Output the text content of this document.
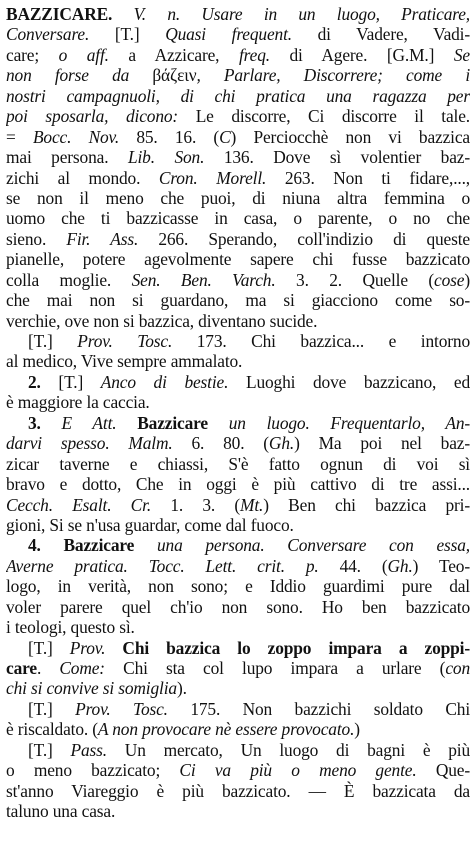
BAZZICARE. V. n. Usare in un luogo, Praticare,
Conversare. [T.] Quasi frequent. di Vadere, Vadi-
care; o aff. a Azzicare, freq. di Agere. [G.M.] Se
non forse da βάζειν, Parlare, Discorrere; come i
nostri campagnuoli, di chi pratica una ragazza per
poi sposarla, dicono: Le discorre, Ci discorre il tale.
= Bocc. Nov. 85. 16. (C) Perciocchè non vi bazzica
mai persona. Lib. Son. 136. Dove sì volentier baz-
zichi al mondo. Cron. Morell. 263. Non ti fidare,...,
se non il meno che puoi, di niuna altra femmina o
uomo che ti bazzicasse in casa, o parente, o no che
sieno. Fir. Ass. 266. Sperando, coll'indizio di queste
pianelle, potere agevolmente sapere chi fusse bazzicato
colla moglie. Sen. Ben. Varch. 3. 2. Quelle (cose)
che mai non si guardano, ma si giacciono come so-
verchie, ove non si bazzica, diventano sucide.
[T.] Prov. Tosc. 173. Chi bazzica... e intorno
al medico, Vive sempre ammalato.
2. [T.] Anco di bestie. Luoghi dove bazzicano, ed
è maggiore la caccia.
3. E Att. Bazzicare un luogo. Frequentarlo, An-
darvi spesso. Malm. 6. 80. (Gh.) Ma poi nel baz-
zicar taverne e chiassi, S'è fatto ognun di voi sì
bravo e dotto, Che in oggi è più cattivo di tre assi...
Cecch. Esalt. Cr. 1. 3. (Mt.) Ben chi bazzica pri-
gioni, Si se n'usa guardar, come dal fuoco.
4. Bazzicare una persona. Conversare con essa,
Averne pratica. Tocc. Lett. crit. p. 44. (Gh.) Teo-
logo, in verità, non sono; e Iddio guardimi pure dal
voler parere quel ch'io non sono. Ho ben bazzicato
i teologi, questo sì.
[T.] Prov. Chi bazzica lo zoppo impara a zoppi-
care. Come: Chi sta col lupo impara a urlare (con
chi si convive si somiglia).
[T.] Prov. Tosc. 175. Non bazzichi soldato Chi
è riscaldato. (A non provocare nè essere provocato.)
[T.] Pass. Un mercato, Un luogo di bagni è più
o meno bazzicato; Ci va più o meno gente. Que-
st'anno Viareggio è più bazzicato. — È bazzicata da
taluno una casa.
